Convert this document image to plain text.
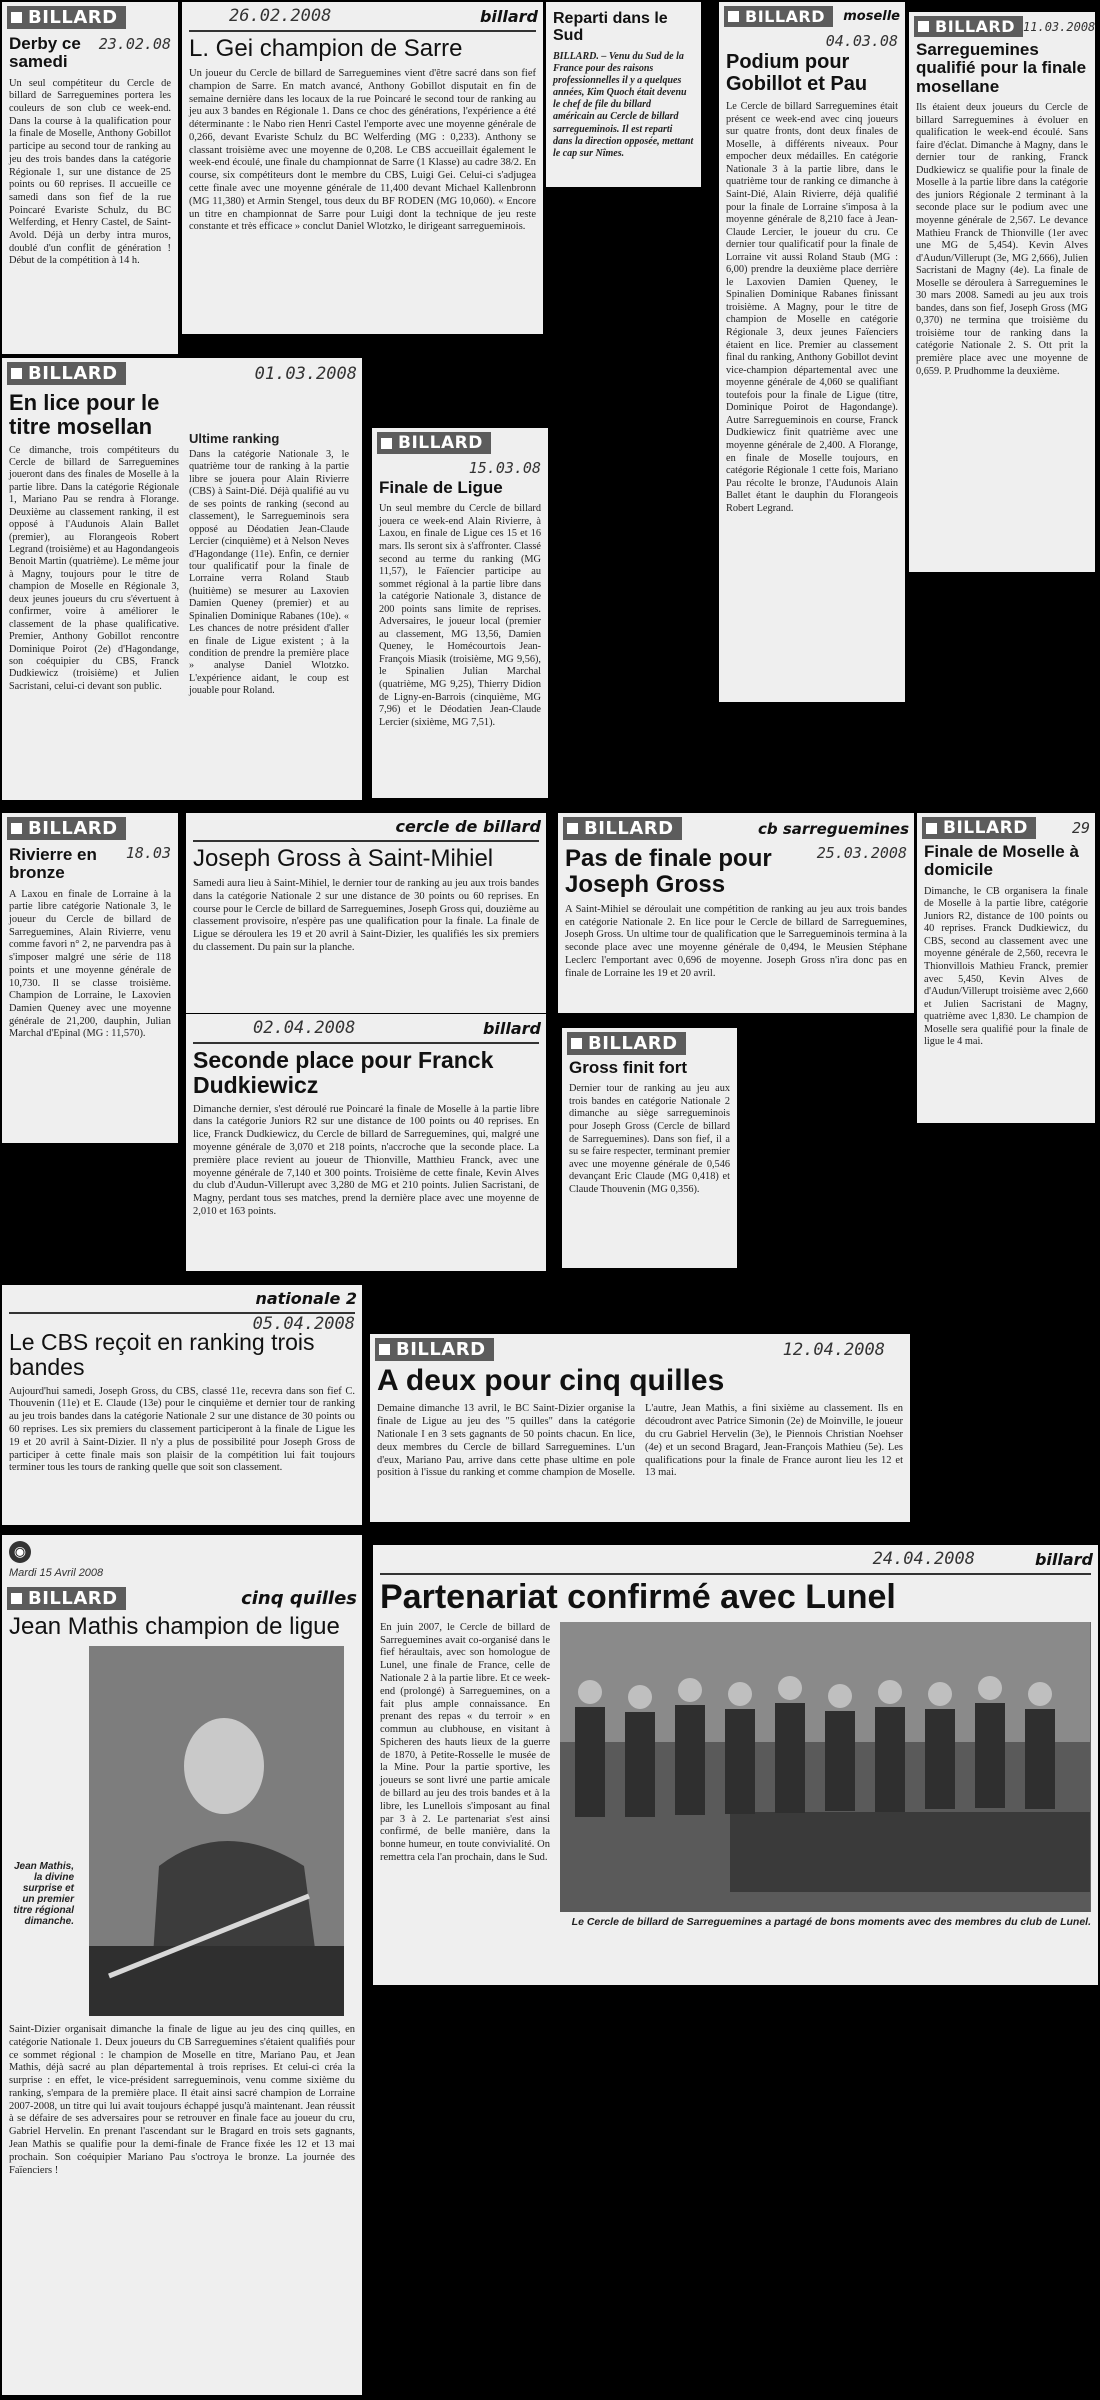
BILLARD
Derby ce samedi
23.02.08

Un seul compétiteur du Cercle de billard de Sarreguemines portera les couleurs de son club ce week-end. Dans la course à la qualification pour la finale de Moselle, Anthony Gobillot participe au second tour de ranking au jeu des trois bandes dans la catégorie Régionale 1, sur une distance de 25 points ou 60 reprises. Il accueille ce samedi dans son fief de la rue Poincaré Evariste Schulz, du BC Welferding, et Henry Castel, de Saint-Avold. Déjà un derby intra muros, doublé d'un conflit de génération ! Début de la compétition à 14 h.

26.02.2008	billard
L. Gei champion de Sarre

Un joueur du Cercle de billard de Sarreguemines vient d'être sacré dans son fief champion de Sarre. En match avancé, Anthony Gobillot disputait en fin de semaine dernière dans les locaux de la rue Poincaré le second tour de ranking au jeu aux 3 bandes en Régionale 1. Dans ce choc des générations, l'expérience a été déterminante : le Nabo rien Henri Castel l'emporte avec une moyenne générale de 0,266, devant Evariste Schulz du BC Welferding (MG : 0,233). Anthony se classant troisième avec une moyenne de 0,208. Le CBS accueillait également le week-end écoulé, une finale du championnat de Sarre (1 Klasse) au cadre 38/2. En course, six compétiteurs dont le membre du CBS, Luigi Gei. Celui-ci s'adjugea cette finale avec une moyenne générale de 11,400 devant Michael Kallenbronn (MG 11,380) et Armin Stengel, tous deux du BF RODEN (MG 10,060). « Encore un titre en championnat de Sarre pour Luigi dont la technique de jeu reste constante et très efficace » conclut Daniel Wlotzko, le dirigeant sarreguemінois.

Reparti dans le Sud

BILLARD. – Venu du Sud de la France pour des raisons professionnelles il y a quelques années, Kim Quoch était devenu le chef de file du billard américain au Cercle de billard sarregueminois. Il est reparti dans la direction opposée, mettant le cap sur Nîmes.

BILLARD moselle
04.03.08
Podium pour Gobillot et Pau

Le Cercle de billard Sarreguemines était présent ce week-end avec cinq joueurs sur quatre fronts, dont deux finales de Moselle, à différents niveaux. Pour empocher deux médailles. En catégorie Nationale 3 à la partie libre, dans le quatrième tour de ranking ce dimanche à Saint-Dié, Alain Rivierre, déjà qualifié pour la finale de Lorraine s'imposa à la moyenne générale de 8,210 face à Jean-Claude Lercier, le joueur du cru. Ce dernier tour qualificatif pour la finale de Lorraine vit aussi Roland Staub (MG : 6,00) prendre la deuxième place derrière le Laxovien Damien Queney, le Spinalien Dominique Rabanes finissant troisième. A Magny, pour le titre de champion de Moselle en catégorie Régionale 3, deux jeunes Faïenciers étaient en lice. Premier au classement final du ranking, Anthony Gobillot devint vice-champion départemental avec une moyenne générale de 4,060 se qualifiant toutefois pour la finale de Ligue (titre, Dominique Poirot de Hagondange). Autre Sarregueminois en course, Franck Dudkiewicz finit quatrième avec une moyenne générale de 2,400. A Florange, en finale de Moselle toujours, en catégorie Régionale 1 cette fois, Mariano Pau récolte le bronze, l'Audunois Alain Ballet étant le dauphin du Florangeois Robert Legrand.

BILLARD 11.03.2008
Sarreguemines qualifié pour la finale mosellane

Ils étaient deux joueurs du Cercle de billard Sarreguemines à évoluer en qualification le week-end écoulé. Sans faire d'éclat. Dimanche à Magny, dans le dernier tour de ranking, Franck Dudkiewicz se qualifie pour la finale de Moselle à la partie libre dans la catégorie des juniors Régionale 2 terminant à la seconde place sur le podium avec une moyenne générale de 2,567. Le devance Mathieu Franck de Thionville (1er avec une MG de 5,454). Kevin Alves d'Audun/Villerupt (3e, MG 2,666), Julien Sacristani de Magny (4e). La finale de Moselle se déroulera à Sarreguemines le 30 mars 2008. Samedi au jeu aux trois bandes, dans son fief, Joseph Gross (MG 0,370) ne termina que troisième du troisième tour de ranking dans la catégorie Nationale 2. S. Ott prit la première place avec une moyenne de 0,659. P. Prudhomme la deuxième.

BILLARD	01.03.2008
En lice pour le titre mosellan

Ce dimanche, trois compétiteurs du Cercle de billard de Sarreguemines joueront dans des finales de Moselle à la partie libre. Dans la catégorie Régionale 1, Mariano Pau se rendra à Florange. Deuxième au classement ranking, il est opposé à l'Audunois Alain Ballet (premier), au Florangeois Robert Legrand (troisième) et au Hagondangeois Benoit Martin (quatrième). Le même jour à Magny, toujours pour le titre de champion de Moselle en Régionale 3, deux jeunes joueurs du cru s'évertuent à confirmer, voire à améliorer le classement de la phase qualificative. Premier, Anthony Gobillot rencontre Dominique Poirot (2e) d'Hagondange, son coéquipier du CBS, Franck Dudkiewicz (troisième) et Julien Sacristani, celui-ci devant son public.

Ultime ranking

Dans la catégorie Nationale 3, le quatrième tour de ranking à la partie libre se jouera pour Alain Rivierre (CBS) à Saint-Dié. Déjà qualifié au vu de ses points de ranking (second au classement), le Sarregueminois sera opposé au Déodatien Jean-Claude Lercier (cinquième) et à Nelson Neves d'Hagondange (11e). Enfin, ce dernier tour qualificatif pour la finale de Lorraine verra Roland Staub (huitième) se mesurer au Laxovien Damien Queney (premier) et au Spinalien Dominique Rabanes (10e). « Les chances de notre président d'aller en finale de Ligue existent ; à la condition de prendre la première place » analyse Daniel Wlotzko. L'expérience aidant, le coup est jouable pour Roland.

BILLARD
15.03.08
Finale de Ligue

Un seul membre du Cercle de billard jouera ce week-end Alain Rivierre, à Laxou, en finale de Ligue ces 15 et 16 mars. Ils seront six à s'affronter. Classé second au terme du ranking (MG 11,57), le Faïencier participe au sommet régional à la partie libre dans la catégorie Nationale 3, distance de 200 points sans limite de reprises. Adversaires, le joueur local (premier au classement, MG 13,56, Damien Queney, le Homécourtois Jean-François Miasik (troisième, MG 9,56), le Spinalien Julian Marchal (quatrième, MG 9,25), Thierry Didion de Ligny-en-Barrois (cinquième, MG 7,96) et le Déodatien Jean-Claude Lercier (sixième, MG 7,51).

BILLARD
Rivierre en bronze
18.03

A Laxou en finale de Lorraine à la partie libre catégorie Nationale 3, le joueur du Cercle de billard de Sarreguemines, Alain Rivierre, venu comme favori n° 2, ne parvendra pas à s'imposer malgré une série de 118 points et une moyenne générale de 10,730. Il se classe troisième. Champion de Lorraine, le Laxovien Damien Queney avec une moyenne générale de 21,200, dauphin, Julian Marchal d'Epinal (MG : 11,570).

cercle de billard
Joseph Gross à Saint-Mihiel

Samedi aura lieu à Saint-Mihiel, le dernier tour de ranking au jeu aux trois bandes dans la catégorie Nationale 2 sur une distance de 30 points ou 60 reprises. En course pour le Cercle de billard de Sarreguemines, Joseph Gross qui, douzième au classement provisoire, n'espère pas une qualification pour la finale. La finale de Ligue se déroulera les 19 et 20 avril à Saint-Dizier, les qualifiés les six premiers du classement. Du pain sur la planche.

BILLARD	cb sarreguemines
Pas de finale pour Joseph Gross
25.03.2008

A Saint-Mihiel se déroulait une compétition de ranking au jeu aux trois bandes en catégorie Nationale 2. En lice pour le Cercle de billard de Sarreguemines, Joseph Gross. Un ultime tour de qualification que le Sarregueminois termina à la seconde place avec une moyenne générale de 0,494, le Meusien Stéphane Leclerc l'emportant avec 0,696 de moyenne. Joseph Gross n'ira donc pas en finale de Lorraine les 19 et 20 avril.

BILLARD	29
Finale de Moselle à domicile

Dimanche, le CB organisera la finale de Moselle à la partie libre, catégorie Juniors R2, distance de 100 points ou 40 reprises. Franck Dudkiewicz, du CBS, second au classement avec une moyenne générale de 2,560, recevra le Thionvillois Mathieu Franck, premier avec 5,450, Kevin Alves de d'Audun/Villerupt troisième avec 2,660 et Julien Sacristani de Magny, quatrième avec 1,830. Le champion de Moselle sera qualifié pour la finale de ligue le 4 mai.

02.04.2008	billard
Seconde place pour Franck Dudkiewicz

Dimanche dernier, s'est déroulé rue Poincaré la finale de Moselle à la partie libre dans la catégorie Juniors R2 sur une distance de 100 points ou 40 reprises. En lice, Franck Dudkiewicz, du Cercle de billard de Sarreguemines, qui, malgré une moyenne générale de 3,070 et 218 points, n'accroche que la seconde place. La première place revient au joueur de Thionville, Matthieu Franck, avec une moyenne générale de 7,140 et 300 points. Troisième de cette finale, Kevin Alves du club d'Audun-Villerupt avec 3,280 de MG et 210 points. Julien Sacristani, de Magny, perdant tous ses matches, prend la dernière place avec une moyenne de 2,010 et 163 points.

BILLARD
Gross finit fort

Dernier tour de ranking au jeu aux trois bandes en catégorie Nationale 2 dimanche au siège sarregueminois pour Joseph Gross (Cercle de billard de Sarreguemines). Dans son fief, il a su se faire respecter, terminant premier avec une moyenne générale de 0,546 devançant Eric Claude (MG 0,418) et Claude Thouvenin (MG 0,356).

nationale 2
05.04.2008
Le CBS reçoit en ranking trois bandes

Aujourd'hui samedi, Joseph Gross, du CBS, classé 11e, recevra dans son fief C. Thouvenin (11e) et E. Claude (13e) pour le cinquième et dernier tour de ranking au jeu trois bandes dans la catégorie Nationale 2 sur une distance de 30 points ou 60 reprises. Les six premiers du classement participeront à la finale de Ligue les 19 et 20 avril à Saint-Dizier. Il n'y a plus de possibilité pour Joseph Gross de participer à cette finale mais son plaisir de la compétition lui fait toujours terminer tous les tours de ranking quelle que soit son classement.

BILLARD	12.04.2008
A deux pour cinq quilles

Demaine dimanche 13 avril, le BC Saint-Dizier organise la finale de Ligue au jeu des "5 quilles" dans la catégorie Nationale I en 3 sets gagnants de 50 points chacun. En lice, deux membres du Cercle de billard Sarreguemines. L'un d'eux, Mariano Pau, arrive dans cette phase ultime en pole position à l'issue du ranking et comme champion de Moselle. L'autre, Jean Mathis, a fini sixième au classement. Ils en découdront avec Patrice Simonin (2e) de Moinville, le joueur du cru Gabriel Hervelin (3e), le Piennois Christian Noehser (4e) et un second Bragard, Jean-François Mathieu (5e). Les qualifications pour la finale de France auront lieu les 12 et 13 mai.

◉
Mardi 15 Avril 2008
BILLARD	cinq quilles
Jean Mathis champion de ligue
Jean Mathis, la divine surprise et un premier titre régional dimanche.

Saint-Dizier organisait dimanche la finale de ligue au jeu des cinq quilles, en catégorie Nationale 1. Deux joueurs du CB Sarreguemines s'étaient qualifiés pour ce sommet régional : le champion de Moselle en titre, Mariano Pau, et Jean Mathis, déjà sacré au plan départemental à trois reprises. Et celui-ci créa la surprise : en effet, le vice-président sarregueminois, venu comme sixième du ranking, s'empara de la première place. Il était ainsi sacré champion de Lorraine 2007-2008, un titre qui lui avait toujours échappé jusqu'à maintenant. Jean réussit à se défaire de ses adversaires pour se retrouver en finale face au joueur du cru, Gabriel Hervelin. En prenant l'ascendant sur le Bragard en trois sets gagnants, Jean Mathis se qualifie pour la demi-finale de France fixée les 12 et 13 mai prochain. Son coéquipier Mariano Pau s'octroya le bronze. La journée des Faïenciers !

24.04.2008	billard
Partenariat confirmé avec Lunel

En juin 2007, le Cercle de billard de Sarreguemines avait co-organisé dans le fief héraultais, avec son homologue de Lunel, une finale de France, celle de Nationale 2 à la partie libre. Et ce week-end (prolongé) à Sarreguemines, on a fait plus ample connaissance. En prenant des repas « du terroir » en commun au clubhouse, en visitant à Spicheren des hauts lieux de la guerre de 1870, à Petite-Rosselle le musée de la Mine. Pour la partie sportive, les joueurs se sont livré une partie amicale de billard au jeu des trois bandes et à la libre, les Lunellois s'imposant au final par 3 à 2. Le partenariat s'est ainsi confirmé, de belle manière, dans la bonne humeur, en toute convivialité. On remettra cela l'an prochain, dans le Sud.

Le Cercle de billard de Sarreguemines a partagé de bons moments avec des membres du club de Lunel.
